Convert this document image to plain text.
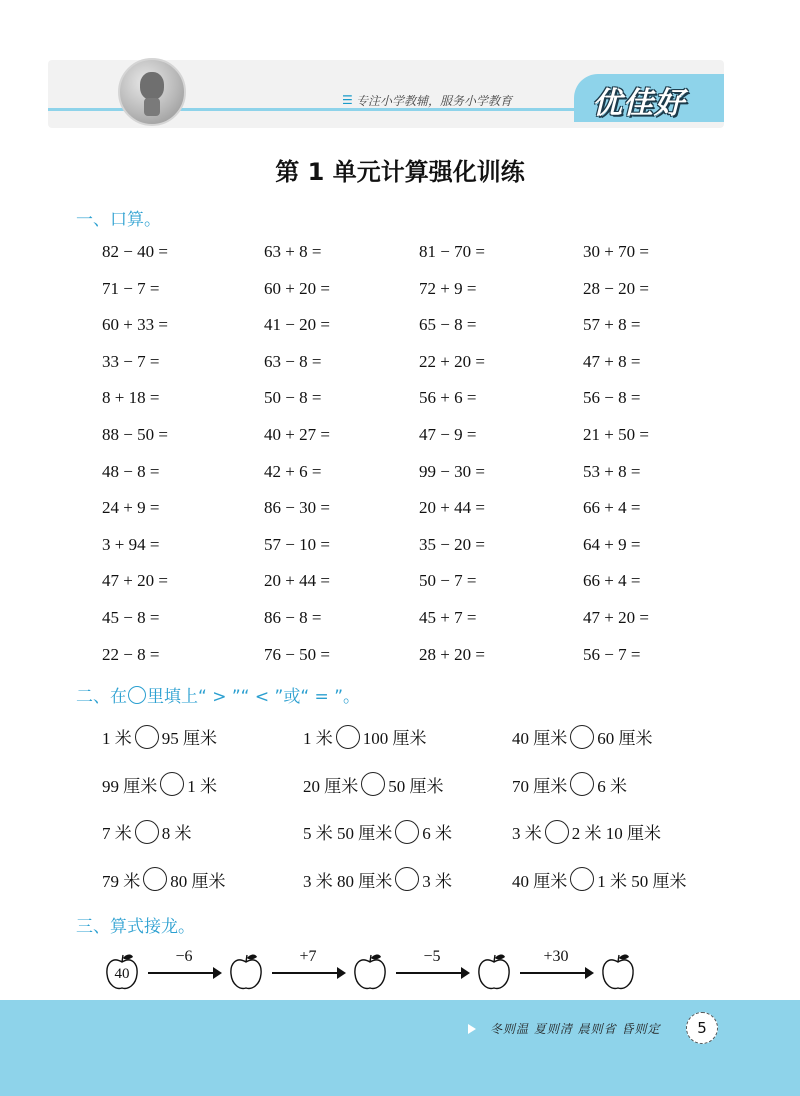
☰ 专注小学教辅，服务小学教育	优佳好
第 1 单元计算强化训练
一、口算。
82 − 40 =	63 + 8 =	81 − 70 =	30 + 70 =
71 − 7 =	60 + 20 =	72 + 9 =	28 − 20 =
60 + 33 =	41 − 20 =	65 − 8 =	57 + 8 =
33 − 7 =	63 − 8 =	22 + 20 =	47 + 8 =
8 + 18 =	50 − 8 =	56 + 6 =	56 − 8 =
88 − 50 =	40 + 27 =	47 − 9 =	21 + 50 =
48 − 8 =	42 + 6 =	99 − 30 =	53 + 8 =
24 + 9 =	86 − 30 =	20 + 44 =	66 + 4 =
3 + 94 =	57 − 10 =	35 − 20 =	64 + 9 =
47 + 20 =	20 + 44 =	50 − 7 =	66 + 4 =
45 − 8 =	86 − 8 =	45 + 7 =	47 + 20 =
22 − 8 =	76 − 50 =	28 + 20 =	56 − 7 =
二、在 里填上“ > ”“ < ”或“ = ”。
1 米 95 厘米	1 米 100 厘米	40 厘米 60 厘米
99 厘米 1 米	20 厘米 50 厘米	70 厘米 6 米
7 米 8 米	5 米 50 厘米 6 米	3 米 2 米 10 厘米
79 米 80 厘米	3 米 80 厘米 3 米	40 厘米 1 米 50 厘米
三、算式接龙。
40
−6	+7	−5	+30
冬则温 夏则清 晨则省 昏则定	5
